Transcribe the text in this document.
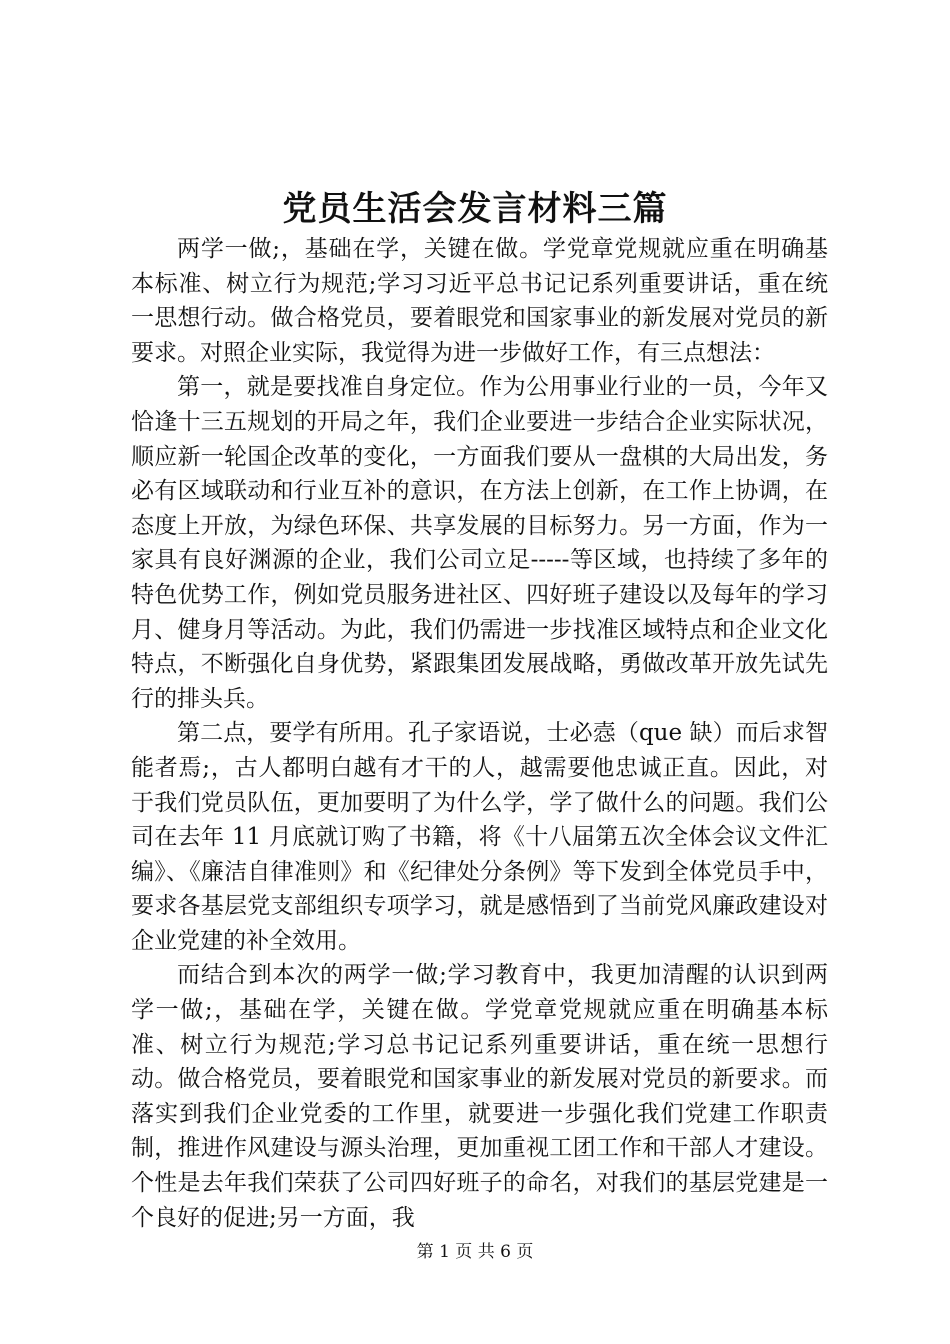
党员生活会发言材料三篇

两学一做;，基础在学，关键在做。学党章党规就应重在明确基本标准、树立行为规范;学习习近平总书记记系列重要讲话，重在统一思想行动。做合格党员，要着眼党和国家事业的新发展对党员的新要求。对照企业实际，我觉得为进一步做好工作，有三点想法：

第一，就是要找准自身定位。作为公用事业行业的一员，今年又恰逢十三五规划的开局之年，我们企业要进一步结合企业实际状况，顺应新一轮国企改革的变化，一方面我们要从一盘棋的大局出发，务必有区域联动和行业互补的意识，在方法上创新，在工作上协调，在态度上开放，为绿色环保、共享发展的目标努力。另一方面，作为一家具有良好渊源的企业，我们公司立足-----等区域，也持续了多年的特色优势工作，例如党员服务进社区、四好班子建设以及每年的学习月、健身月等活动。为此，我们仍需进一步找准区域特点和企业文化特点，不断强化自身优势，紧跟集团发展战略，勇做改革开放先试先行的排头兵。

第二点，要学有所用。孔子家语说，士必悫（que 缺）而后求智能者焉;，古人都明白越有才干的人，越需要他忠诚正直。因此，对于我们党员队伍，更加要明了为什么学，学了做什么的问题。我们公司在去年 11 月底就订购了书籍，将《十八届第五次全体会议文件汇编》、《廉洁自律准则》和《纪律处分条例》等下发到全体党员手中，要求各基层党支部组织专项学习，就是感悟到了当前党风廉政建设对企业党建的补全效用。

而结合到本次的两学一做;学习教育中，我更加清醒的认识到两学一做;，基础在学，关键在做。学党章党规就应重在明确基本标准、树立行为规范;学习总书记记系列重要讲话，重在统一思想行动。做合格党员，要着眼党和国家事业的新发展对党员的新要求。而落实到我们企业党委的工作里，就要进一步强化我们党建工作职责制，推进作风建设与源头治理，更加重视工团工作和干部人才建设。个性是去年我们荣获了公司四好班子的命名，对我们的基层党建是一个良好的促进;另一方面，我

第 1 页 共 6 页
